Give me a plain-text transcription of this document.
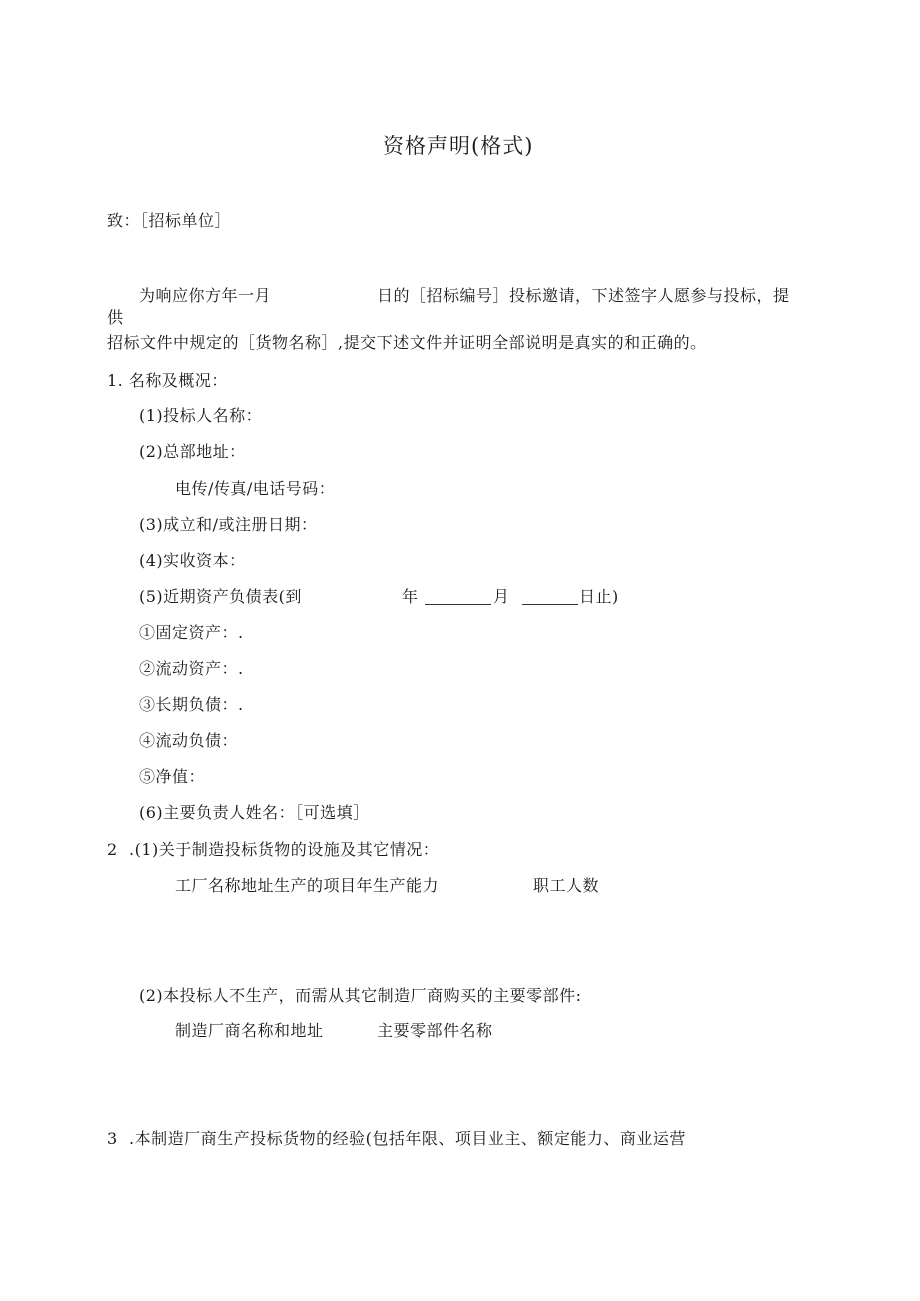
资格声明(格式)
致：［招标单位］
为响应你方年一月	日的［招标编号］投标邀请，下述签字人愿参与投标，提
供
招标文件中规定的［货物名称］,提交下述文件并证明全部说明是真实的和正确的。
1. 名称及概况：
(1)投标人名称：
(2)总部地址：
电传/传真/电话号码：
(3)成立和/或注册日期：
(4)实收资本：
(5)近期资产负债表(到	年	月	日止)
①固定资产：.
②流动资产：.
③长期负债：.
④流动负债：
⑤净值：
(6)主要负责人姓名：［可选填］
2 .(1)关于制造投标货物的设施及其它情况：
工厂名称地址生产的项目年生产能力	职工人数
(2)本投标人不生产，而需从其它制造厂商购买的主要零部件:
制造厂商名称和地址	主要零部件名称
3 .本制造厂商生产投标货物的经验(包括年限、项目业主、额定能力、商业运营
